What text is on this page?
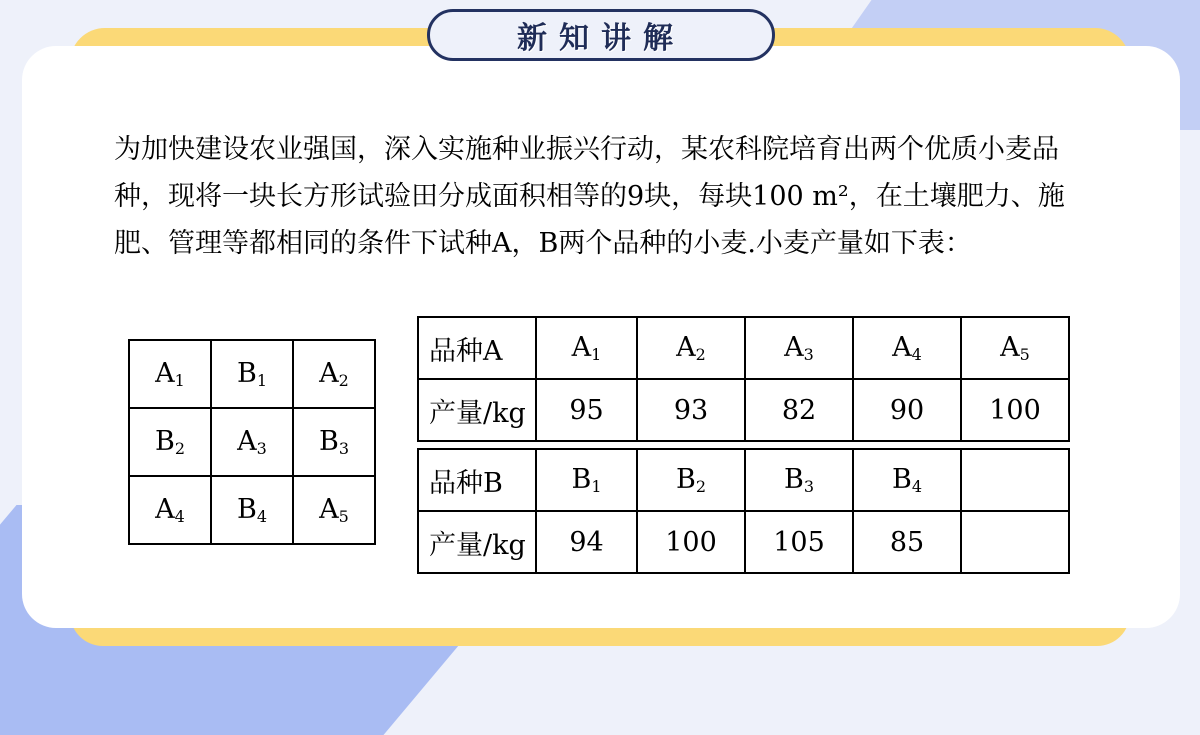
新知讲解
为加快建设农业强国，深入实施种业振兴行动，某农科院培育出两个优质小麦品种，现将一块长方形试验田分成面积相等的9块，每块100 m²，在土壤肥力、施肥、管理等都相同的条件下试种A，B两个品种的小麦.小麦产量如下表：
$A_1$	$B_1$	$A_2$
$B_2$	$A_3$	$B_3$
$A_4$	$B_4$	$A_5$
品种A	$A_1$	$A_2$	$A_3$	$A_4$	$A_5$
产量/kg	95	93	82	90	100
品种B	$B_1$	$B_2$	$B_3$	$B_4$	
产量/kg	94	100	105	85	
